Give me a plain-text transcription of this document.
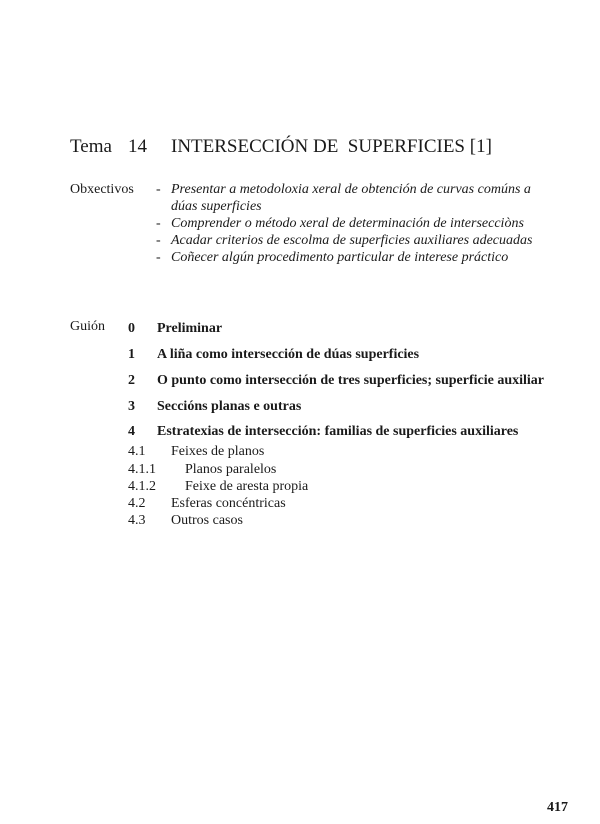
Tema 14 INTERSECCIÓN DE  SUPERFICIES [1]
Obxectivos - Presentar a metodoloxia xeral de obtención de curvas comúns a dúas superficies
- Comprender o método xeral de determinación de intersecciòns
- Acadar criterios de escolma de superficies auxiliares adecuadas
- Coñecer algún procedimento particular de interese práctico
Guión 0 Preliminar
1 A liña como intersección de dúas superficies
2 O punto como intersección de tres superficies; superficie auxiliar
3 Seccións planas e outras
4 Estratexias de intersección: familias de superficies auxiliares
4.1 Feixes de planos
4.1.1 Planos paralelos
4.1.2 Feixe de aresta propia
4.2 Esferas concéntricas
4.3 Outros casos
417
